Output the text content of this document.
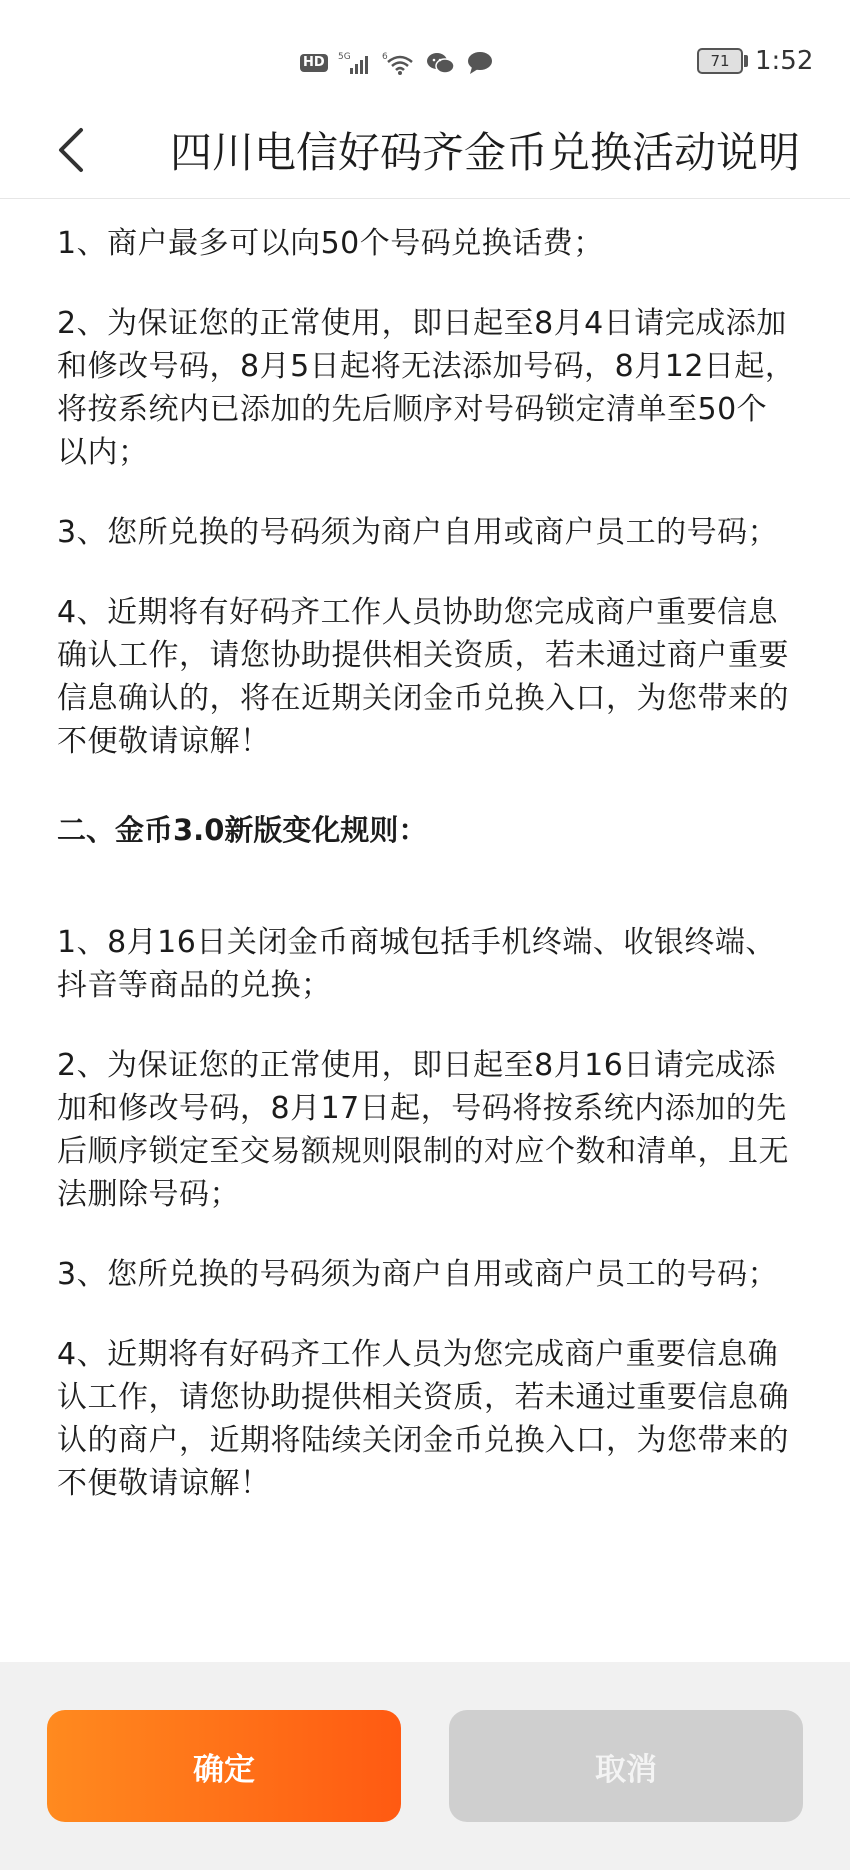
HD	5G	6	71 1:52
四川电信好码齐金币兑换活动说明

1、商户最多可以向50个号码兑换话费；

2、为保证您的正常使用，即日起至8月4日请完成添加和修改号码，8月5日起将无法添加号码，8月12日起，将按系统内已添加的先后顺序对号码锁定清单至50个以内；

3、您所兑换的号码须为商户自用或商户员工的号码；

4、近期将有好码齐工作人员协助您完成商户重要信息确认工作，请您协助提供相关资质，若未通过商户重要信息确认的，将在近期关闭金币兑换入口，为您带来的不便敬请谅解！

二、金币3.0新版变化规则：

1、8月16日关闭金币商城包括手机终端、收银终端、抖音等商品的兑换；

2、为保证您的正常使用，即日起至8月16日请完成添加和修改号码，8月17日起，号码将按系统内添加的先后顺序锁定至交易额规则限制的对应个数和清单，且无法删除号码；

3、您所兑换的号码须为商户自用或商户员工的号码；

4、近期将有好码齐工作人员为您完成商户重要信息确认工作，请您协助提供相关资质，若未通过重要信息确认的商户，近期将陆续关闭金币兑换入口，为您带来的不便敬请谅解！

确定	取消
